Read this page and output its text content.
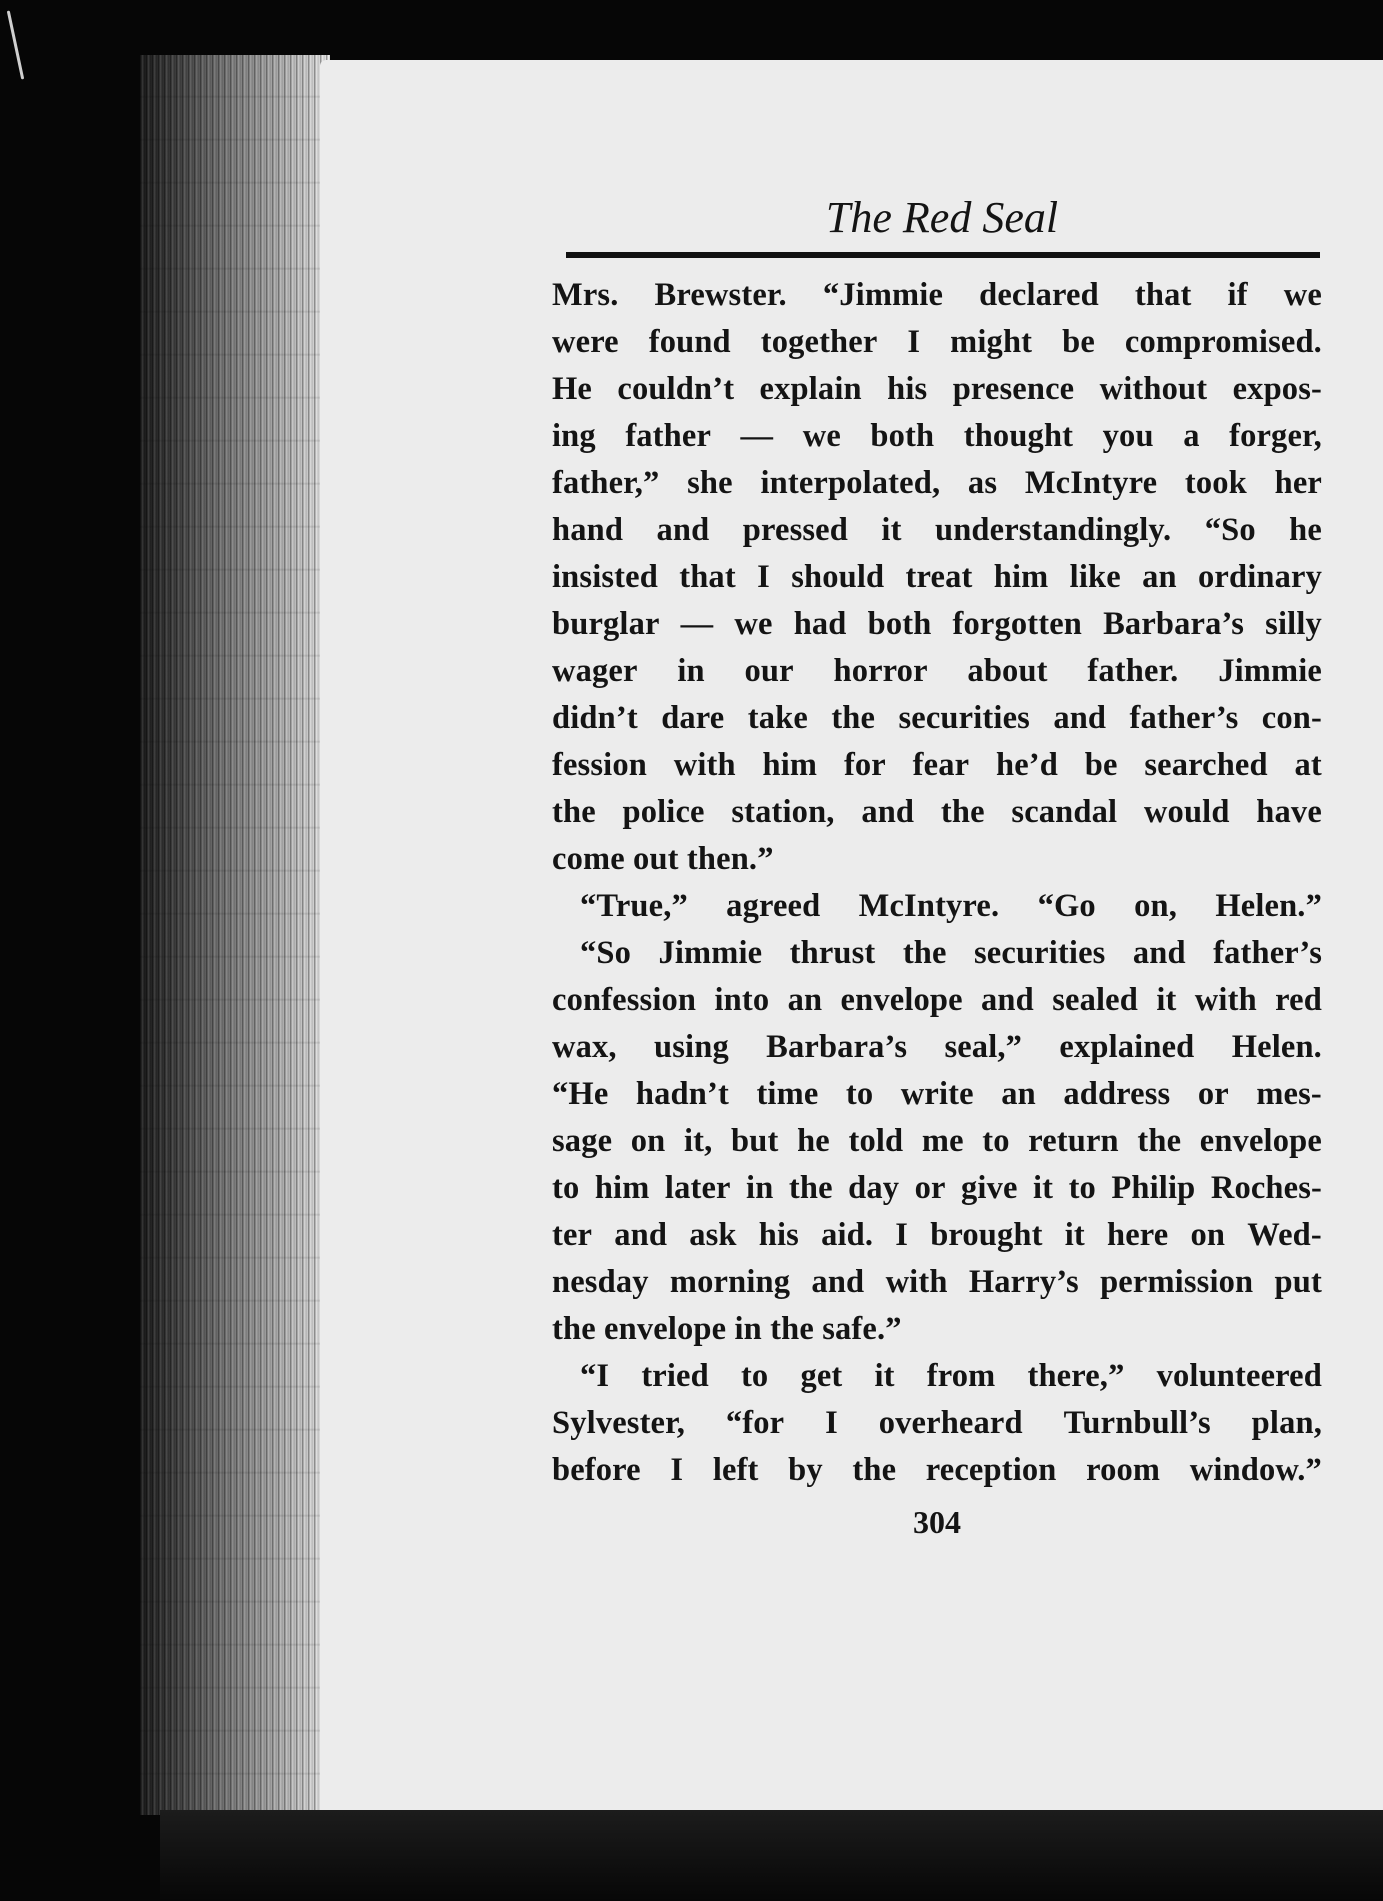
The Red Seal
Mrs. Brewster. “Jimmie declared that if we
were found together I might be compromised.
He couldn’t explain his presence without expos-
ing father — we both thought you a forger,
father,” she interpolated, as McIntyre took her
hand and pressed it understandingly. “So he
insisted that I should treat him like an ordinary
burglar — we had both forgotten Barbara’s silly
wager in our horror about father. Jimmie
didn’t dare take the securities and father’s con-
fession with him for fear he’d be searched at
the police station, and the scandal would have
come out then.”
“True,” agreed McIntyre. “Go on, Helen.”
“So Jimmie thrust the securities and father’s
confession into an envelope and sealed it with red
wax, using Barbara’s seal,” explained Helen.
“He hadn’t time to write an address or mes-
sage on it, but he told me to return the envelope
to him later in the day or give it to Philip Roches-
ter and ask his aid. I brought it here on Wed-
nesday morning and with Harry’s permission put
the envelope in the safe.”
“I tried to get it from there,” volunteered
Sylvester, “for I overheard Turnbull’s plan,
before I left by the reception room window.”
304
